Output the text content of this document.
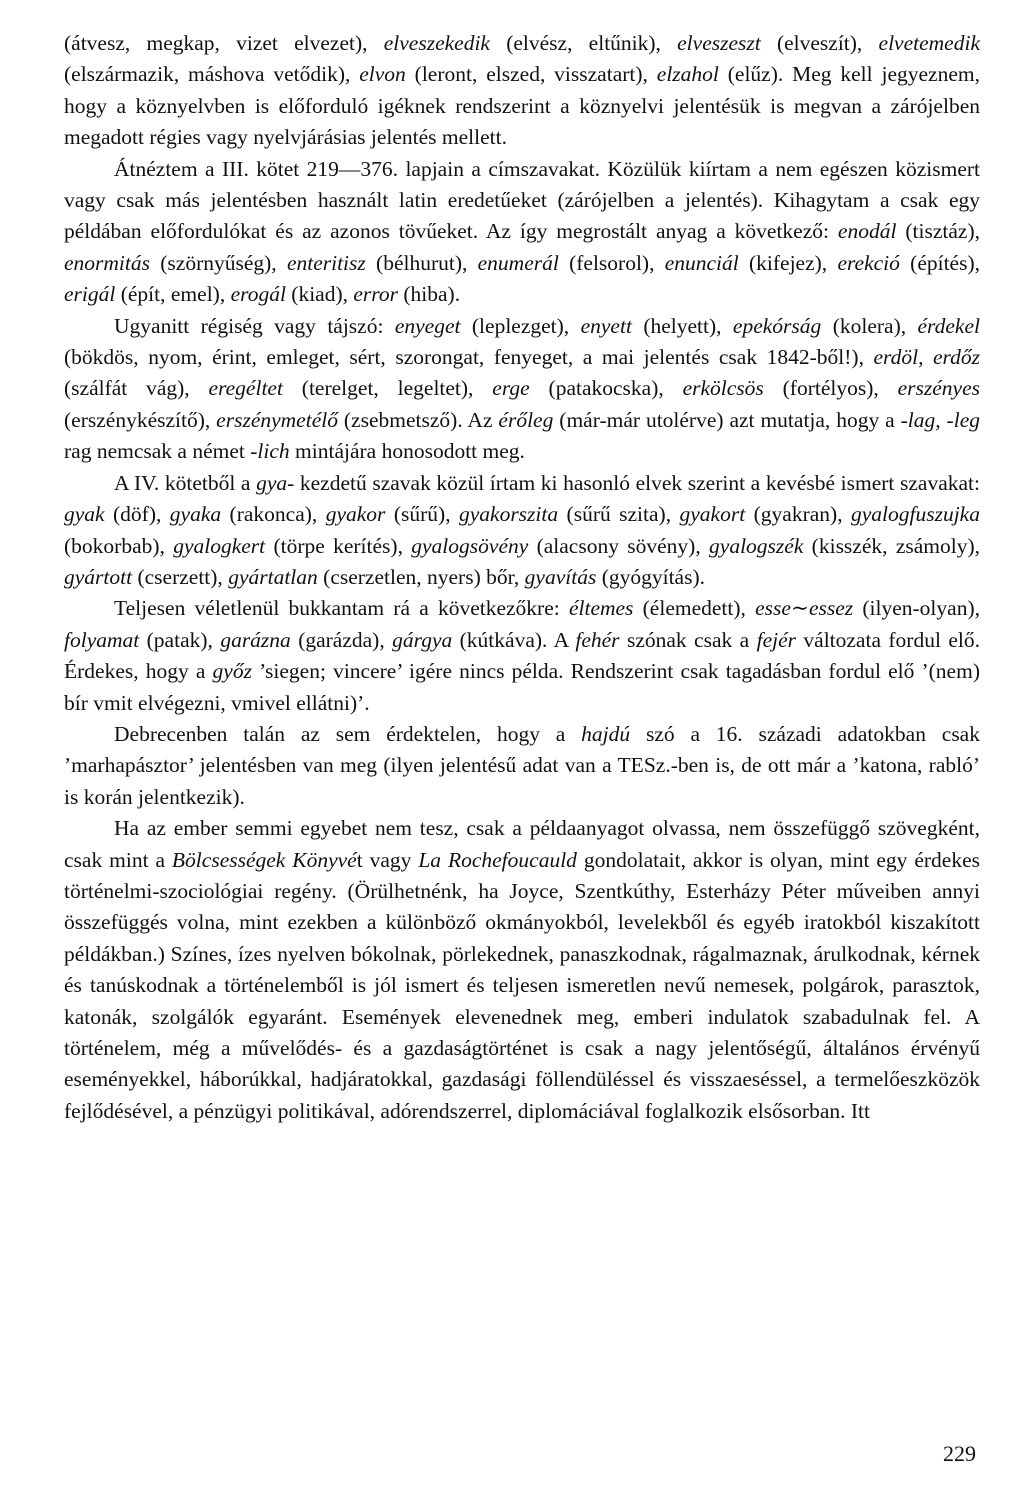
(átvesz, megkap, vizet elvezet), elveszekedik (elvész, eltűnik), elveszeszt (elveszít), elvetemedik (elszármazik, máshova vetődik), elvon (leront, elszed, visszatart), elzahol (elűz). Meg kell jegyeznem, hogy a köznyelvben is előforduló igéknek rendszerint a köznyelvi jelentésük is megvan a zárójelben megadott régies vagy nyelvjárásias jelentés mellett.

Átnéztem a III. kötet 219—376. lapjain a címszavakat. Közülük kiírtam a nem egészen közismert vagy csak más jelentésben használt latin eredetűeket (zárójelben a jelentés). Kihagytam a csak egy példában előfordulókat és az azonos tövűeket. Az így megrostált anyag a következő: enodál (tisztáz), enormitás (szörnyűség), enteritisz (bélhurut), enumerál (felsorol), enunciál (kifejez), erekció (építés), erigál (épít, emel), erogál (kiad), error (hiba).

Ugyanitt régiség vagy tájszó: enyeget (leplezget), enyett (helyett), epekórság (kolera), érdekel (bökdös, nyom, érint, emleget, sért, szorongat, fenyeget, a mai jelentés csak 1842-ből!), erdöl, erdőz (szálfát vág), eregéltet (terelget, legeltet), erge (patakocska), erkölcsös (fortélyos), erszényes (erszénykészítő), erszénymetélő (zsebmetsző). Az érőleg (már-már utolérve) azt mutatja, hogy a -lag, -leg rag nemcsak a német -lich mintájára honosodott meg.

A IV. kötetből a gya- kezdetű szavak közül írtam ki hasonló elvek szerint a kevésbé ismert szavakat: gyak (döf), gyaka (rakonca), gyakor (sűrű), gyakorszita (sűrű szita), gyakort (gyakran), gyalogfuszujka (bokorbab), gyalogkert (törpe kerítés), gyalogsövény (alacsony sövény), gyalogszék (kisszék, zsámoly), gyártott (cserzett), gyártatlan (cserzetlen, nyers) bőr, gyavítás (gyógyítás).

Teljesen véletlenül bukkantam rá a következőkre: éltemes (élemedett), esse∼essez (ilyen-olyan), folyamat (patak), garázna (garázda), gárgya (kútkáva). A fehér szónak csak a fejér változata fordul elő. Érdekes, hogy a győz ’siegen; vincere’ igére nincs példa. Rendszerint csak tagadásban fordul elő ’(nem) bír vmit elvégezni, vmivel ellátni)’.

Debrecenben talán az sem érdektelen, hogy a hajdú szó a 16. századi adatokban csak ’marhapásztor’ jelentésben van meg (ilyen jelentésű adat van a TESz.-ben is, de ott már a ’katona, rabló’ is korán jelentkezik).

Ha az ember semmi egyebet nem tesz, csak a példaanyagot olvassa, nem összefüggő szövegként, csak mint a Bölcsességek Könyvét vagy La Rochefoucauld gondolatait, akkor is olyan, mint egy érdekes történelmi-szociológiai regény. (Örülhetnénk, ha Joyce, Szentkúthy, Esterházy Péter műveiben annyi összefüggés volna, mint ezekben a különböző okmányokból, levelekből és egyéb iratokból kiszakított példákban.) Színes, ízes nyelven bókolnak, pörlekednek, panaszkodnak, rágalmaznak, árulkodnak, kérnek és tanúskodnak a történelemből is jól ismert és teljesen ismeretlen nevű nemesek, polgárok, parasztok, katonák, szolgálók egyaránt. Események elevenednek meg, emberi indulatok szabadulnak fel. A történelem, még a művelődés- és a gazdaságtörténet is csak a nagy jelentőségű, általános érvényű eseményekkel, háborúkkal, hadjáratokkal, gazdasági föllendüléssel és visszaeséssel, a termelőeszközök fejlődésével, a pénzügyi politikával, adórendszerrel, diplomáciával foglalkozik elsősorban. Itt

229
